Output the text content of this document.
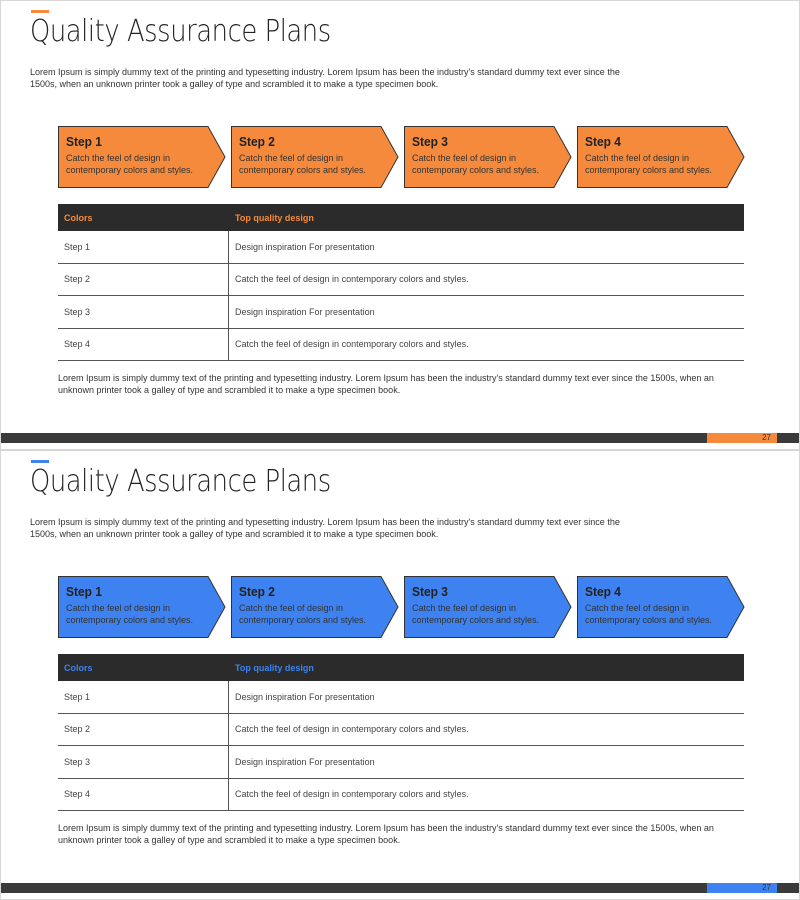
Quality Assurance Plans
Lorem Ipsum is simply dummy text of the printing and typesetting industry. Lorem Ipsum has been the industry's standard dummy text ever since the 1500s, when an unknown printer took a galley of type and scrambled it to make a type specimen book.
Step 1
Catch the feel of design in contemporary colors and styles.
Step 2
Catch the feel of design in contemporary colors and styles.
Step 3
Catch the feel of design in contemporary colors and styles.
Step 4
Catch the feel of design in contemporary colors and styles.
Colors	Top quality design
Step 1	Design inspiration For presentation
Step 2	Catch the feel of design in contemporary colors and styles.
Step 3	Design inspiration For presentation
Step 4	Catch the feel of design in contemporary colors and styles.
Lorem Ipsum is simply dummy text of the printing and typesetting industry. Lorem Ipsum has been the industry's standard dummy text ever since the 1500s, when an unknown printer took a galley of type and scrambled it to make a type specimen book.
27
Quality Assurance Plans
Lorem Ipsum is simply dummy text of the printing and typesetting industry. Lorem Ipsum has been the industry's standard dummy text ever since the 1500s, when an unknown printer took a galley of type and scrambled it to make a type specimen book.
Step 1
Catch the feel of design in contemporary colors and styles.
Step 2
Catch the feel of design in contemporary colors and styles.
Step 3
Catch the feel of design in contemporary colors and styles.
Step 4
Catch the feel of design in contemporary colors and styles.
Colors	Top quality design
Step 1	Design inspiration For presentation
Step 2	Catch the feel of design in contemporary colors and styles.
Step 3	Design inspiration For presentation
Step 4	Catch the feel of design in contemporary colors and styles.
Lorem Ipsum is simply dummy text of the printing and typesetting industry. Lorem Ipsum has been the industry's standard dummy text ever since the 1500s, when an unknown printer took a galley of type and scrambled it to make a type specimen book.
27
